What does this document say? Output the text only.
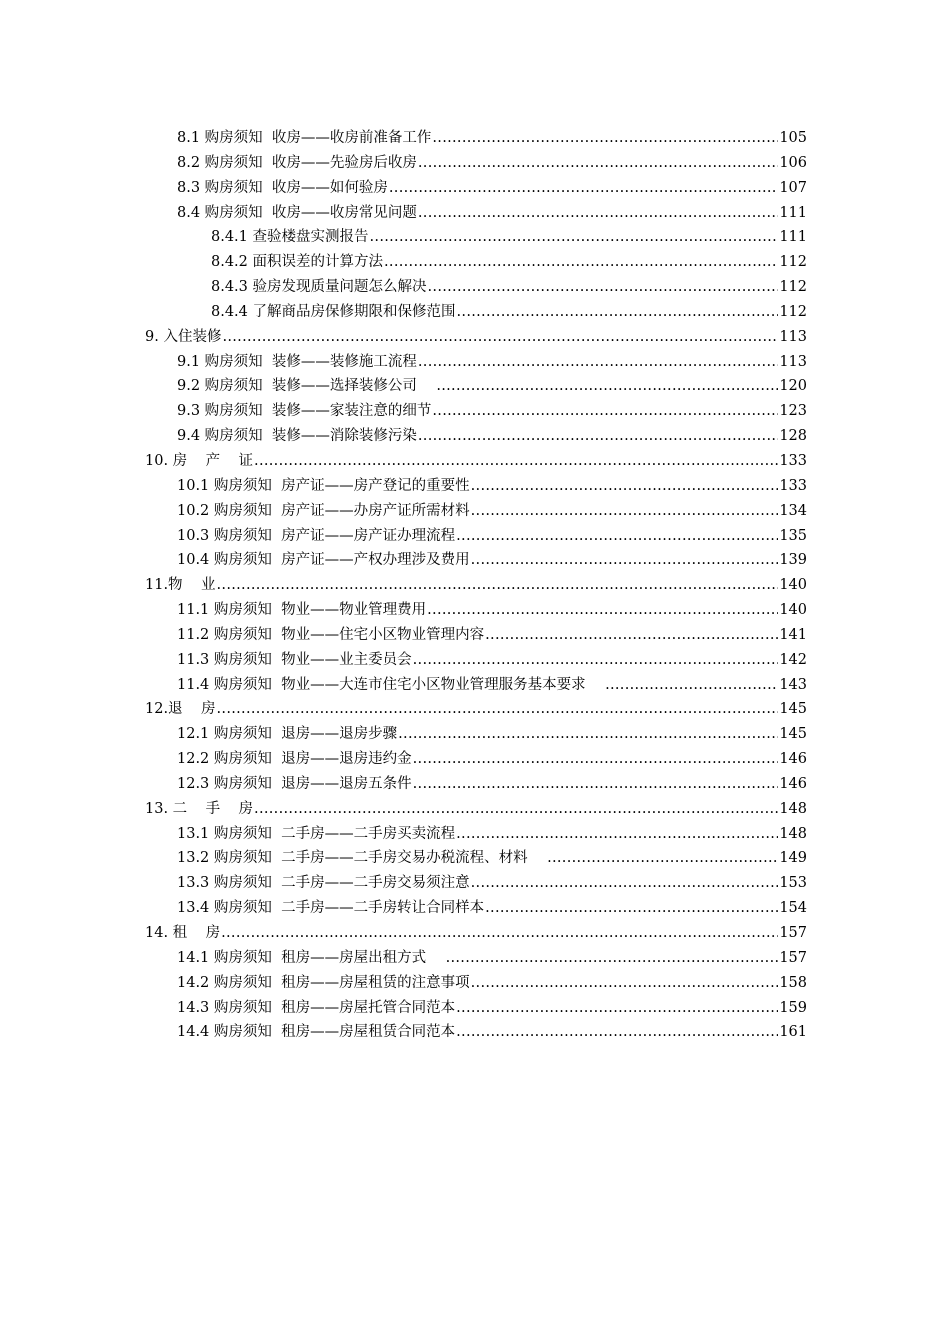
8.1 购房须知  收房——收房前准备工作 .....	105
8.2 购房须知  收房——先验房后收房 .....	106
8.3 购房须知  收房——如何验房 .....	107
8.4 购房须知  收房——收房常见问题 .....	111
8.4.1 查验楼盘实测报告 .....	111
8.4.2 面积误差的计算方法 .....	112
8.4.3 验房发现质量问题怎么解决 .....	112
8.4.4 了解商品房保修期限和保修范围 .....	112
9. 入住装修 .....	113
9.1 购房须知  装修——装修施工流程 .....	113
9.2 购房须知  装修——选择装修公司 .....	120
9.3 购房须知  装修——家装注意的细节 .....	123
9.4 购房须知  装修——消除装修污染 .....	128
10. 房    产    证 .....	133
10.1 购房须知  房产证——房产登记的重要性 .....	133
10.2 购房须知  房产证——办房产证所需材料 .....	134
10.3 购房须知  房产证——房产证办理流程 .....	135
10.4 购房须知  房产证——产权办理涉及费用 .....	139
11.物    业 .....	140
11.1 购房须知  物业——物业管理费用 .....	140
11.2 购房须知  物业——住宅小区物业管理内容 .....	141
11.3 购房须知  物业——业主委员会 .....	142
11.4 购房须知  物业——大连市住宅小区物业管理服务基本要求 .....	143
12.退    房 .....	145
12.1 购房须知  退房——退房步骤 .....	145
12.2 购房须知  退房——退房违约金 .....	146
12.3 购房须知  退房——退房五条件 .....	146
13. 二    手    房 .....	148
13.1 购房须知  二手房——二手房买卖流程 .....	148
13.2 购房须知  二手房——二手房交易办税流程、材料 .....	149
13.3 购房须知  二手房——二手房交易须注意 .....	153
13.4 购房须知  二手房——二手房转让合同样本 .....	154
14. 租    房 .....	157
14.1 购房须知  租房——房屋出租方式 .....	157
14.2 购房须知  租房——房屋租赁的注意事项 .....	158
14.3 购房须知  租房——房屋托管合同范本 .....	159
14.4 购房须知  租房——房屋租赁合同范本 .....	161
